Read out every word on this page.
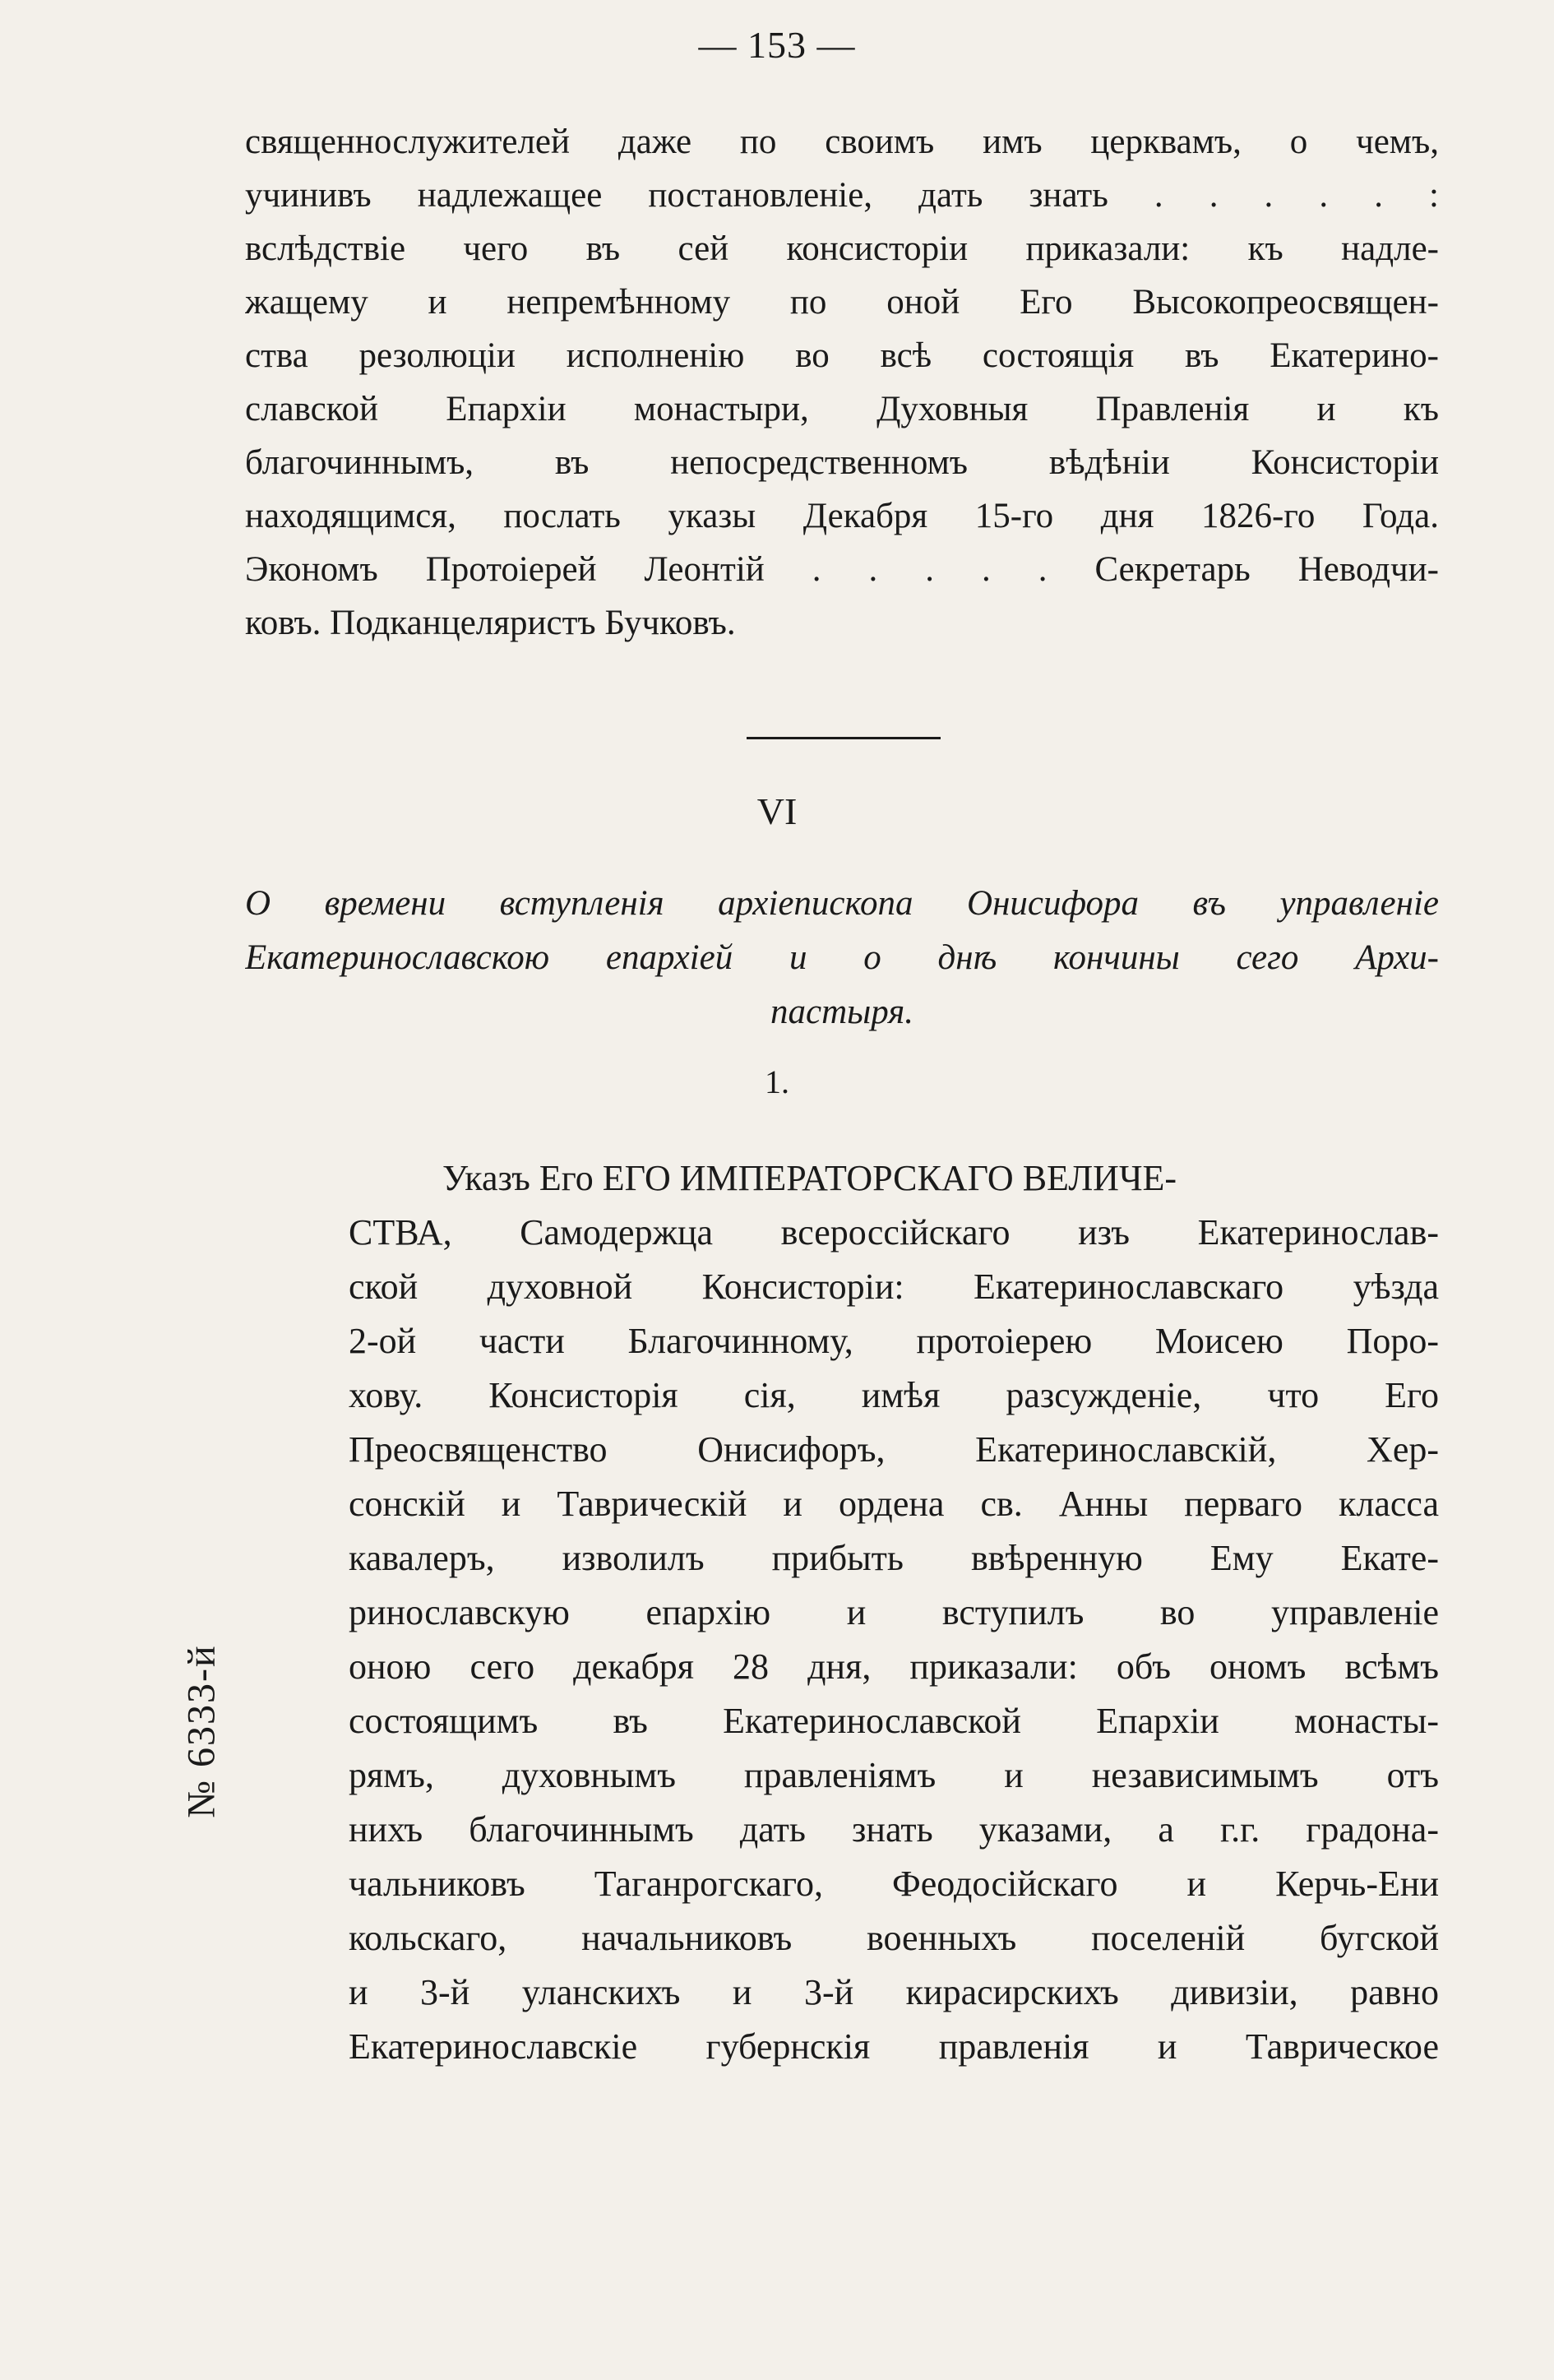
— 153 —
священнослужителей даже по своимъ имъ церквамъ, о чемъ,
учинивъ надлежащее постановленіе, дать знать . . . . . :
вслѣдствіе чего въ сей консисторіи приказали: къ надле-
жащему и непремѣнному по оной Его Высокопреосвящен-
ства резолюціи исполненію во всѣ состоящія въ Екатерино-
славской Епархіи монастыри, Духовныя Правленія и къ
благочиннымъ, въ непосредственномъ вѣдѣніи Консисторіи
находящимся, послать указы Декабря 15-го дня 1826-го Года.
Экономъ Протоіерей Леонтій . . . . . Секретарь Неводчи-
ковъ. Подканцеляристъ Бучковъ.
VI
О времени вступленія архіепископа Онисифора въ управленіе
Екатеринославскою епархіей и о днѣ кончины сего Архи-
пастыря.
1.
№ 6333-й
Указъ Его ЕГО ИМПЕРАТОРСКАГО ВЕЛИЧЕ-
СТВА, Самодержца всероссійскаго изъ Екатеринослав-
ской духовной Консисторіи: Екатеринославскаго уѣзда
2-ой части Благочинному, протоіерею Моисею Поро-
хову. Консисторія сія, имѣя разсужденіе, что Его
Преосвященство Онисифоръ, Екатеринославскій, Хер-
сонскій и Таврическій и ордена св. Анны перваго класса
кавалеръ, изволилъ прибыть ввѣренную Ему Екате-
ринославскую епархію и вступилъ во управленіе
оною сего декабря 28 дня, приказали: объ ономъ всѣмъ
состоящимъ въ Екатеринославской Епархіи монасты-
рямъ, духовнымъ правленіямъ и независимымъ отъ
нихъ благочиннымъ дать знать указами, а г.г. градона-
чальниковъ Таганрогскаго, Феодосійскаго и Керчь-Ени
кольскаго, начальниковъ военныхъ поселеній бугской
и 3-й уланскихъ и 3-й кирасирскихъ дивизіи, равно
Екатеринославскіе губернскія правленія и Таврическое
